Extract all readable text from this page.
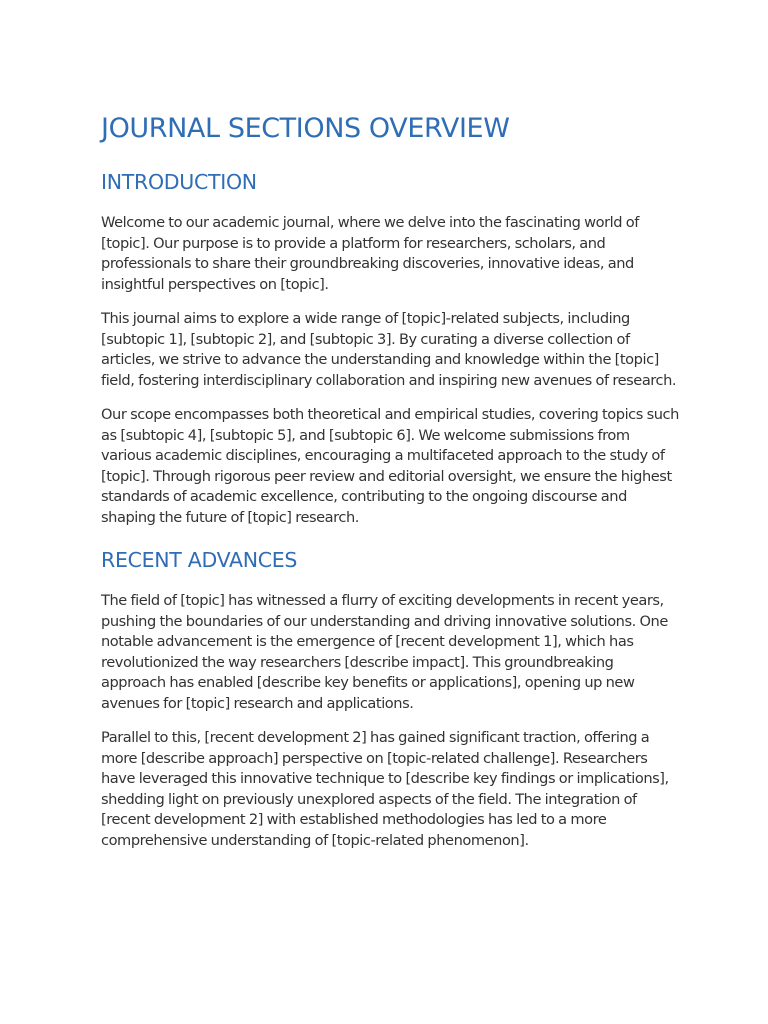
JOURNAL SECTIONS OVERVIEW
INTRODUCTION

Welcome to our academic journal, where we delve into the fascinating world of [topic]. Our purpose is to provide a platform for researchers, scholars, and professionals to share their groundbreaking discoveries, innovative ideas, and insightful perspectives on [topic].

This journal aims to explore a wide range of [topic]-related subjects, including [subtopic 1], [subtopic 2], and [subtopic 3]. By curating a diverse collection of articles, we strive to advance the understanding and knowledge within the [topic] field, fostering interdisciplinary collaboration and inspiring new avenues of research.

Our scope encompasses both theoretical and empirical studies, covering topics such as [subtopic 4], [subtopic 5], and [subtopic 6]. We welcome submissions from various academic disciplines, encouraging a multifaceted approach to the study of [topic]. Through rigorous peer review and editorial oversight, we ensure the highest standards of academic excellence, contributing to the ongoing discourse and shaping the future of [topic] research.

RECENT ADVANCES

The field of [topic] has witnessed a flurry of exciting developments in recent years, pushing the boundaries of our understanding and driving innovative solutions. One notable advancement is the emergence of [recent development 1], which has revolutionized the way researchers [describe impact]. This groundbreaking approach has enabled [describe key benefits or applications], opening up new avenues for [topic] research and applications.

Parallel to this, [recent development 2] has gained significant traction, offering a more [describe approach] perspective on [topic-related challenge]. Researchers have leveraged this innovative technique to [describe key findings or implications], shedding light on previously unexplored aspects of the field. The integration of [recent development 2] with established methodologies has led to a more comprehensive understanding of [topic-related phenomenon].
